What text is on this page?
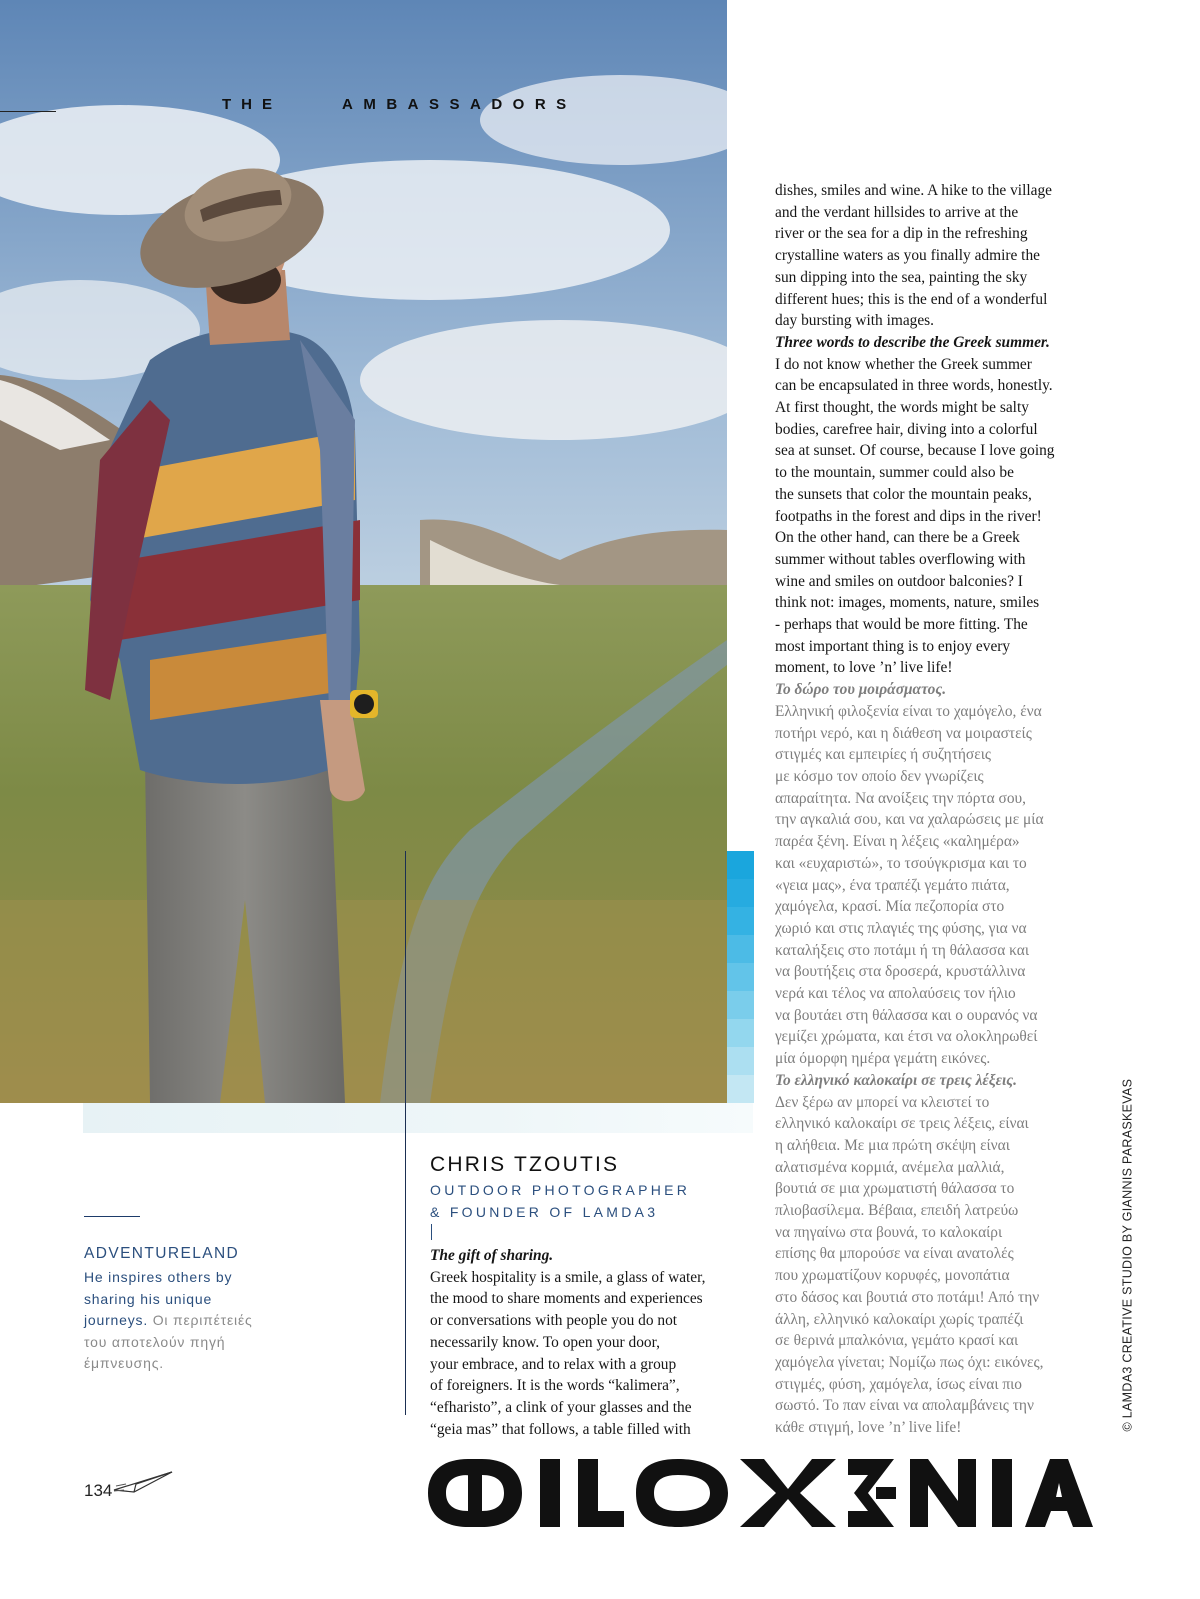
THE	AMBASSADORS
ADVENTURELAND
He inspires others by sharing his unique journeys. Οι περιπέτειές του αποτελούν πηγή έμπνευσης.
CHRIS TZOUTIS
OUTDOOR PHOTOGRAPHER
& FOUNDER OF LAMDA3
The gift of sharing.
Greek hospitality is a smile, a glass of water,
the mood to share moments and experiences
or conversations with people you do not
necessarily know. To open your door,
your embrace, and to relax with a group
of foreigners. It is the words “kalimera”,
“efharisto”, a clink of your glasses and the
“geia mas” that follows, a table filled with
dishes, smiles and wine. A hike to the village
and the verdant hillsides to arrive at the
river or the sea for a dip in the refreshing
crystalline waters as you finally admire the
sun dipping into the sea, painting the sky
different hues; this is the end of a wonderful
day bursting with images.
Three words to describe the Greek summer.
I do not know whether the Greek summer
can be encapsulated in three words, honestly.
At first thought, the words might be salty
bodies, carefree hair, diving into a colorful
sea at sunset. Of course, because I love going
to the mountain, summer could also be
the sunsets that color the mountain peaks,
footpaths in the forest and dips in the river!
On the other hand, can there be a Greek
summer without tables overflowing with
wine and smiles on outdoor balconies? I
think not: images, moments, nature, smiles
- perhaps that would be more fitting. The
most important thing is to enjoy every
moment, to love ’n’ live life!
Το δώρο του μοιράσματος.
Ελληνική φιλοξενία είναι το χαμόγελο, ένα
ποτήρι νερό, και η διάθεση να μοιραστείς
στιγμές και εμπειρίες ή συζητήσεις
με κόσμο τον οποίο δεν γνωρίζεις
απαραίτητα. Να ανοίξεις την πόρτα σου,
την αγκαλιά σου, και να χαλαρώσεις με μία
παρέα ξένη. Είναι η λέξεις «καλημέρα»
και «ευχαριστώ», το τσούγκρισμα και το
«γεια μας», ένα τραπέζι γεμάτο πιάτα,
χαμόγελα, κρασί. Μία πεζοπορία στο
χωριό και στις πλαγιές της φύσης, για να
καταλήξεις στο ποτάμι ή τη θάλασσα και
να βουτήξεις στα δροσερά, κρυστάλλινα
νερά και τέλος να απολαύσεις τον ήλιο
να βουτάει στη θάλασσα και ο ουρανός να
γεμίζει χρώματα, και έτσι να ολοκληρωθεί
μία όμορφη ημέρα γεμάτη εικόνες.
Το ελληνικό καλοκαίρι σε τρεις λέξεις.
Δεν ξέρω αν μπορεί να κλειστεί το
ελληνικό καλοκαίρι σε τρεις λέξεις, είναι
η αλήθεια. Με μια πρώτη σκέψη είναι
αλατισμένα κορμιά, ανέμελα μαλλιά,
βουτιά σε μια χρωματιστή θάλασσα το
πλιοβασίλεμα. Βέβαια, επειδή λατρεύω
να πηγαίνω στα βουνά, το καλοκαίρι
επίσης θα μπορούσε να είναι ανατολές
που χρωματίζουν κορυφές, μονοπάτια
στο δάσος και βουτιά στο ποτάμι! Από την
άλλη, ελληνικό καλοκαίρι χωρίς τραπέζι
σε θερινά μπαλκόνια, γεμάτο κρασί και
χαμόγελα γίνεται; Νομίζω πως όχι: εικόνες,
στιγμές, φύση, χαμόγελα, ίσως είναι πιο
σωστό. Το παν είναι να απολαμβάνεις την
κάθε στιγμή, love ’n’ live life!	© LAMDA3 CREATIVE STUDIO BY GIANNIS PARASKEVAS
134
